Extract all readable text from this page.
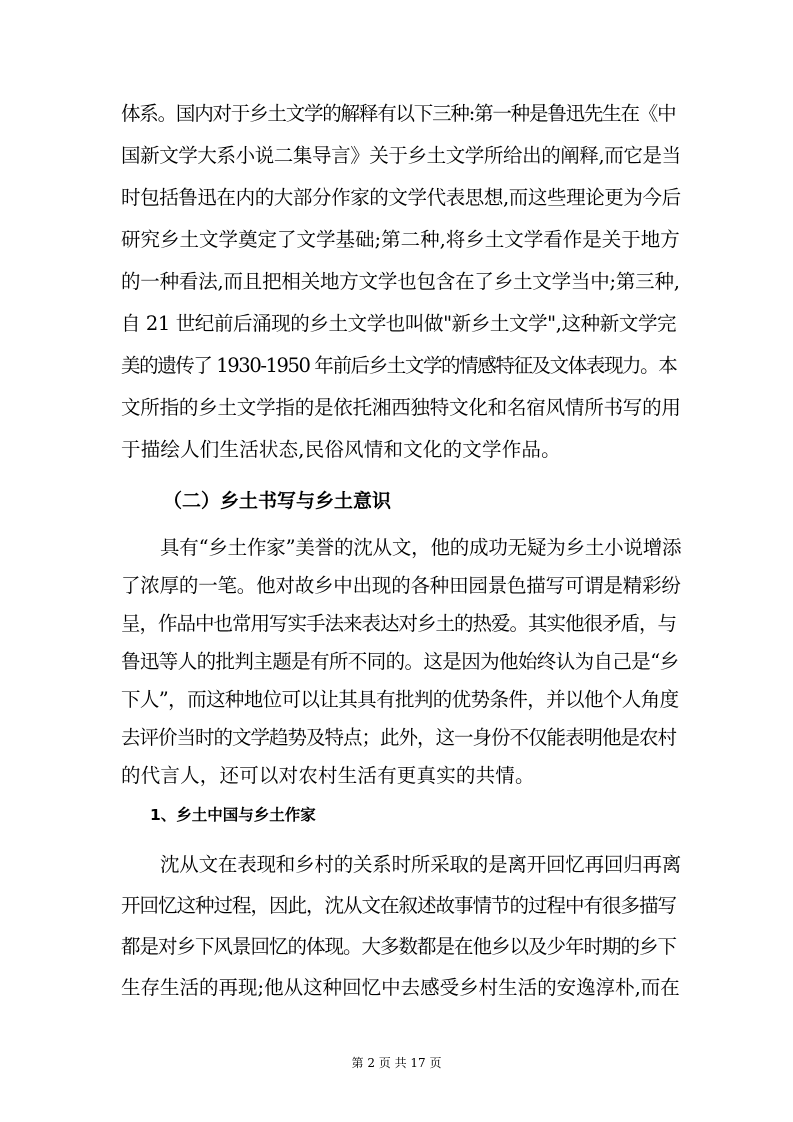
体系。国内对于乡土文学的解释有以下三种:第一种是鲁迅先生在《中
国新文学大系小说二集导言》关于乡土文学所给出的阐释,而它是当
时包括鲁迅在内的大部分作家的文学代表思想,而这些理论更为今后
研究乡土文学奠定了文学基础;第二种,将乡土文学看作是关于地方
的一种看法,而且把相关地方文学也包含在了乡土文学当中;第三种,
自 21 世纪前后涌现的乡土文学也叫做"新乡土文学",这种新文学完
美的遗传了 1930-1950 年前后乡土文学的情感特征及文体表现力。本
文所指的乡土文学指的是依托湘西独特文化和名宿风情所书写的用
于描绘人们生活状态,民俗风情和文化的文学作品。
（二）乡土书写与乡土意识
具有“乡土作家”美誉的沈从文，他的成功无疑为乡土小说增添
了浓厚的一笔。他对故乡中出现的各种田园景色描写可谓是精彩纷
呈，作品中也常用写实手法来表达对乡土的热爱。其实他很矛盾，与
鲁迅等人的批判主题是有所不同的。这是因为他始终认为自己是“乡
下人”，而这种地位可以让其具有批判的优势条件，并以他个人角度
去评价当时的文学趋势及特点；此外，这一身份不仅能表明他是农村
的代言人，还可以对农村生活有更真实的共情。
1、乡土中国与乡土作家
沈从文在表现和乡村的关系时所采取的是离开回忆再回归再离
开回忆这种过程，因此，沈从文在叙述故事情节的过程中有很多描写
都是对乡下风景回忆的体现。大多数都是在他乡以及少年时期的乡下
生存生活的再现;他从这种回忆中去感受乡村生活的安逸淳朴,而在
第 2 页 共 17 页
